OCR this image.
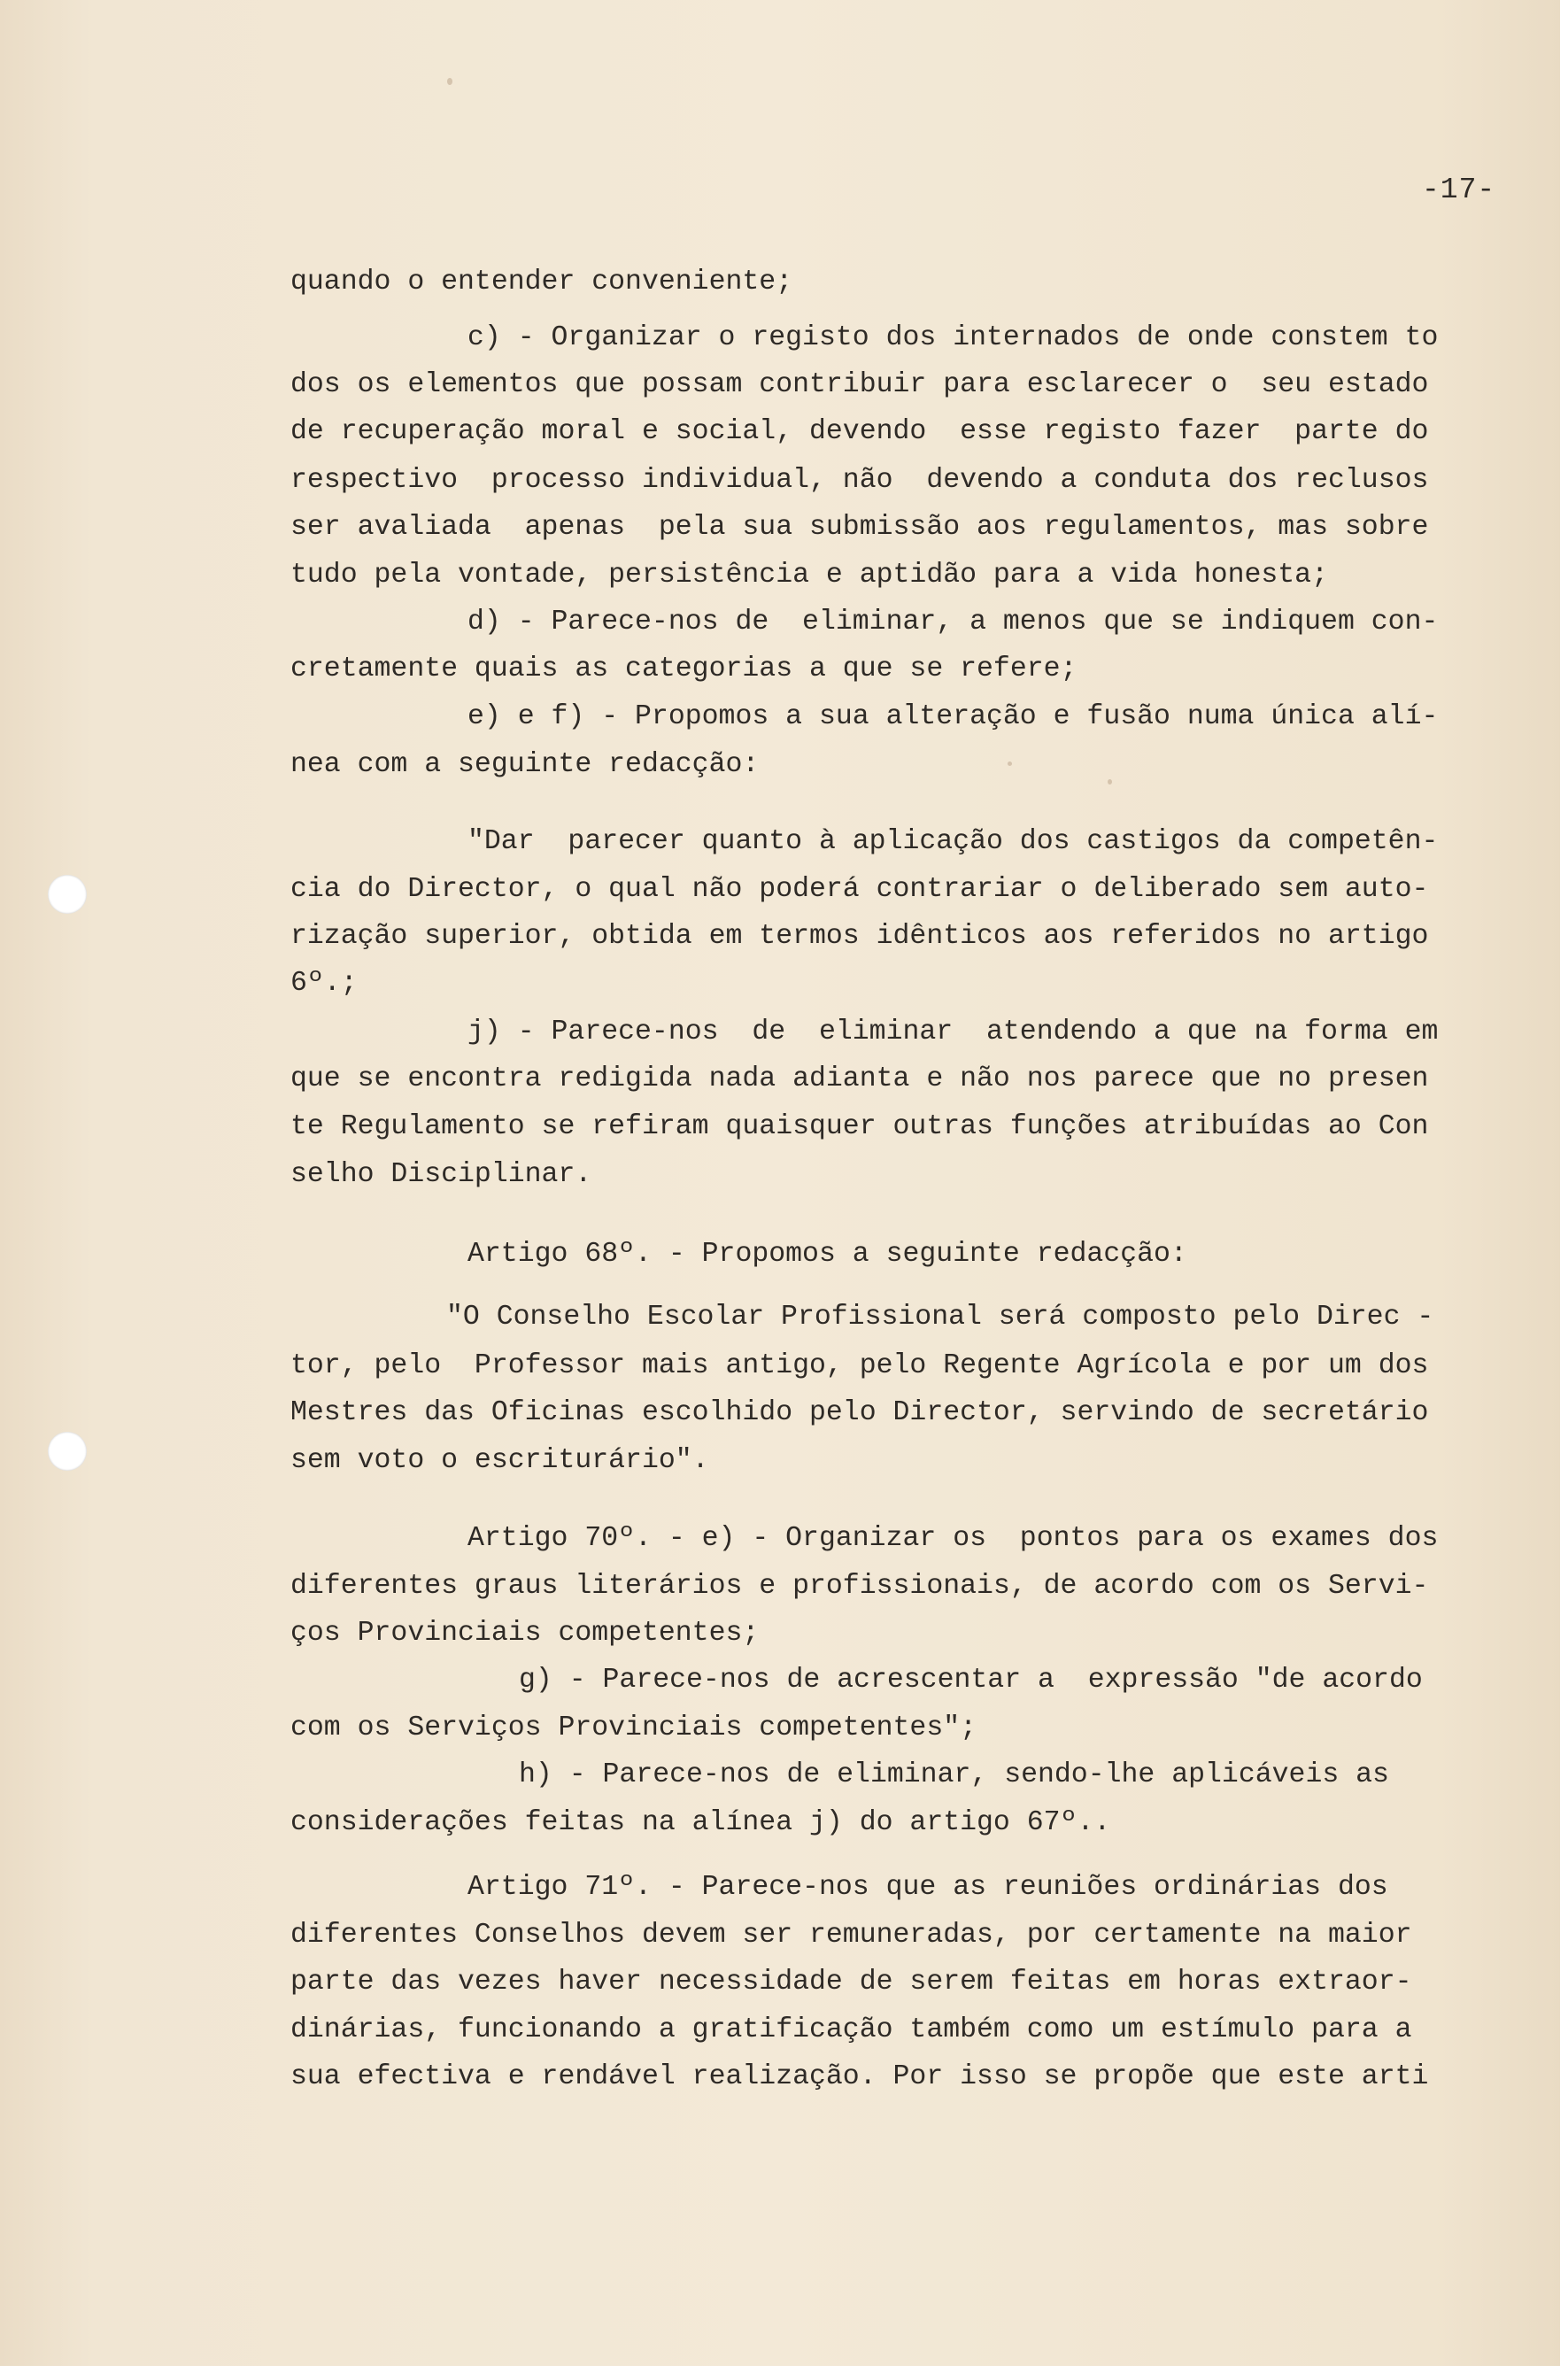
-17-
quando o entender conveniente;
c) - Organizar o registo dos internados de onde constem to
dos os elementos que possam contribuir para esclarecer o  seu estado
de recuperação moral e social, devendo  esse registo fazer  parte do
respectivo  processo individual, não  devendo a conduta dos reclusos
ser avaliada  apenas  pela sua submissão aos regulamentos, mas sobre
tudo pela vontade, persistência e aptidão para a vida honesta;
d) - Parece-nos de  eliminar, a menos que se indiquem con-
cretamente quais as categorias a que se refere;
e) e f) - Propomos a sua alteração e fusão numa única alí-
nea com a seguinte redacção:
"Dar  parecer quanto à aplicação dos castigos da competên-
cia do Director, o qual não poderá contrariar o deliberado sem auto-
rização superior, obtida em termos idênticos aos referidos no artigo
6º.;
j) - Parece-nos  de  eliminar  atendendo a que na forma em
que se encontra redigida nada adianta e não nos parece que no presen
te Regulamento se refiram quaisquer outras funções atribuídas ao Con
selho Disciplinar.
Artigo 68º. - Propomos a seguinte redacção:
"O Conselho Escolar Profissional será composto pelo Direc -
tor, pelo  Professor mais antigo, pelo Regente Agrícola e por um dos
Mestres das Oficinas escolhido pelo Director, servindo de secretário
sem voto o escriturário".
Artigo 70º. - e) - Organizar os  pontos para os exames dos
diferentes graus literários e profissionais, de acordo com os Servi-
ços Provinciais competentes;
g) - Parece-nos de acrescentar a  expressão "de acordo
com os Serviços Provinciais competentes";
h) - Parece-nos de eliminar, sendo-lhe aplicáveis as
considerações feitas na alínea j) do artigo 67º..
Artigo 71º. - Parece-nos que as reuniões ordinárias dos
diferentes Conselhos devem ser remuneradas, por certamente na maior
parte das vezes haver necessidade de serem feitas em horas extraor-
dinárias, funcionando a gratificação também como um estímulo para a
sua efectiva e rendável realização. Por isso se propõe que este arti
